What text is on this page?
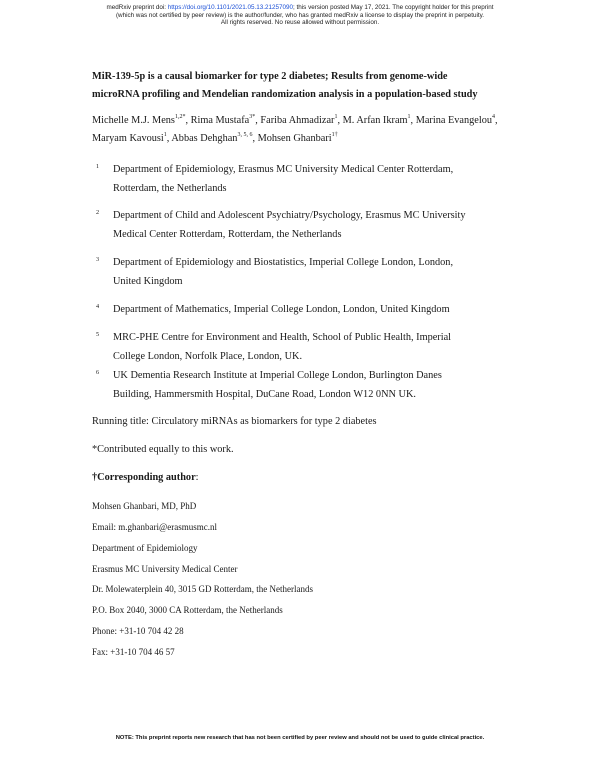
medRxiv preprint doi: https://doi.org/10.1101/2021.05.13.21257090; this version posted May 17, 2021. The copyright holder for this preprint
(which was not certified by peer review) is the author/funder, who has granted medRxiv a license to display the preprint in perpetuity.
All rights reserved. No reuse allowed without permission.
MiR-139-5p is a causal biomarker for type 2 diabetes; Results from genome-wide
microRNA profiling and Mendelian randomization analysis in a population-based study
Michelle M.J. Mens$^{1,2*}$, Rima Mustafa$^{3*}$, Fariba Ahmadizar$^1$, M. Arfan Ikram$^1$, Marina Evangelou$^4$, Maryam Kavousi$^1$, Abbas Dehghan$^{3, 5, 6}$, Mohsen Ghanbari$^{1\dagger}$
1 Department of Epidemiology, Erasmus MC University Medical Center Rotterdam,
Rotterdam, the Netherlands
2 Department of Child and Adolescent Psychiatry/Psychology, Erasmus MC University
Medical Center Rotterdam, Rotterdam, the Netherlands
3 Department of Epidemiology and Biostatistics, Imperial College London, London,
United Kingdom
4 Department of Mathematics, Imperial College London, London, United Kingdom
5 MRC-PHE Centre for Environment and Health, School of Public Health, Imperial
College London, Norfolk Place, London, UK.
6 UK Dementia Research Institute at Imperial College London, Burlington Danes
Building, Hammersmith Hospital, DuCane Road, London W12 0NN UK.
Running title: Circulatory miRNAs as biomarkers for type 2 diabetes
*Contributed equally to this work.
†Corresponding author:
Mohsen Ghanbari, MD, PhD
Email: m.ghanbari@erasmusmc.nl
Department of Epidemiology
Erasmus MC University Medical Center
Dr. Molewaterplein 40, 3015 GD Rotterdam, the Netherlands
P.O. Box 2040, 3000 CA Rotterdam, the Netherlands
Phone: +31-10 704 42 28
Fax: +31-10 704 46 57
NOTE: This preprint reports new research that has not been certified by peer review and should not be used to guide clinical practice.
